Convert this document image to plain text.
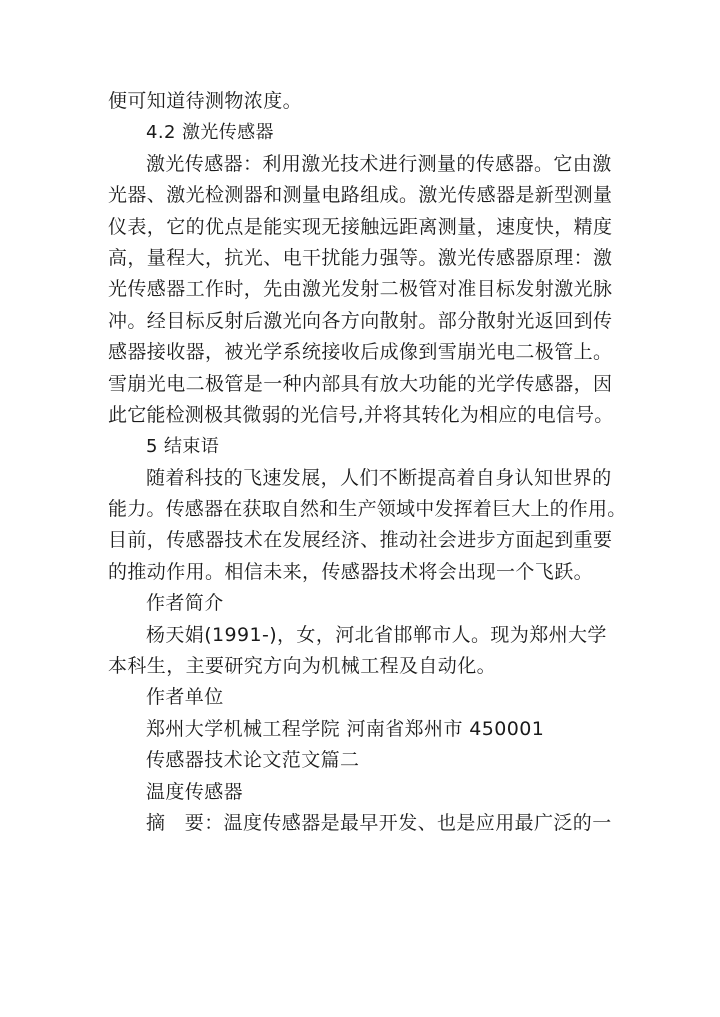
便可知道待测物浓度。
4.2 激光传感器
激光传感器：利用激光技术进行测量的传感器。它由激
光器、激光检测器和测量电路组成。激光传感器是新型测量
仪表，它的优点是能实现无接触远距离测量，速度快，精度
高，量程大，抗光、电干扰能力强等。激光传感器原理：激
光传感器工作时，先由激光发射二极管对准目标发射激光脉
冲。经目标反射后激光向各方向散射。部分散射光返回到传
感器接收器，被光学系统接收后成像到雪崩光电二极管上。
雪崩光电二极管是一种内部具有放大功能的光学传感器，因
此它能检测极其微弱的光信号,并将其转化为相应的电信号。
5 结束语
随着科技的飞速发展，人们不断提高着自身认知世界的
能力。传感器在获取自然和生产领域中发挥着巨大上的作用。
目前，传感器技术在发展经济、推动社会进步方面起到重要
的推动作用。相信未来，传感器技术将会出现一个飞跃。
作者简介
杨天娟(1991-)，女，河北省邯郸市人。现为郑州大学
本科生，主要研究方向为机械工程及自动化。
作者单位
郑州大学机械工程学院 河南省郑州市 450001
传感器技术论文范文篇二
温度传感器
摘　要：温度传感器是最早开发、也是应用最广泛的一
